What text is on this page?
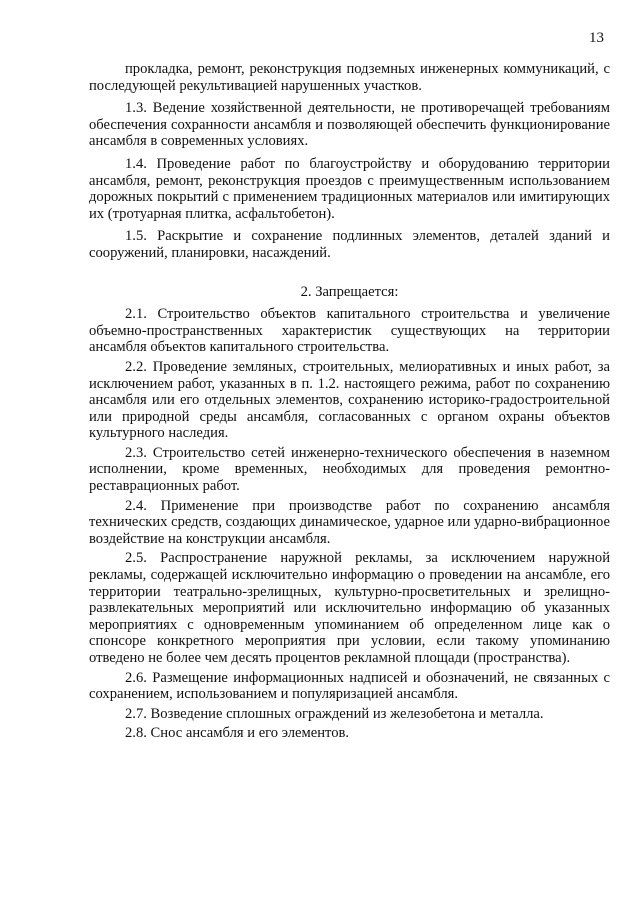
13

прокладка, ремонт, реконструкция подземных инженерных коммуникаций, с последующей рекультивацией нарушенных участков.

1.3. Ведение хозяйственной деятельности, не противоречащей требованиям обеспечения сохранности ансамбля и позволяющей обеспечить функционирование ансамбля в современных условиях.

1.4. Проведение работ по благоустройству и оборудованию территории ансамбля, ремонт, реконструкция проездов с преимущественным использованием дорожных покрытий с применением традиционных материалов или имитирующих их (тротуарная плитка, асфальтобетон).

1.5. Раскрытие и сохранение подлинных элементов, деталей зданий и сооружений, планировки, насаждений.

2. Запрещается:

2.1. Строительство объектов капитального строительства и увеличение объемно-пространственных характеристик существующих на территории ансамбля объектов капитального строительства.

2.2. Проведение земляных, строительных, мелиоративных и иных работ, за исключением работ, указанных в п. 1.2. настоящего режима, работ по сохранению ансамбля или его отдельных элементов, сохранению историко-градостроительной или природной среды ансамбля, согласованных с органом охраны объектов культурного наследия.

2.3. Строительство сетей инженерно-технического обеспечения в наземном исполнении, кроме временных, необходимых для проведения ремонтно-реставрационных работ.

2.4. Применение при производстве работ по сохранению ансамбля технических средств, создающих динамическое, ударное или ударно-вибрационное воздействие на конструкции ансамбля.

2.5. Распространение наружной рекламы, за исключением наружной рекламы, содержащей исключительно информацию о проведении на ансамбле, его территории театрально-зрелищных, культурно-просветительных и зрелищно-развлекательных мероприятий или исключительно информацию об указанных мероприятиях с одновременным упоминанием об определенном лице как о спонсоре конкретного мероприятия при условии, если такому упоминанию отведено не более чем десять процентов рекламной площади (пространства).

2.6. Размещение информационных надписей и обозначений, не связанных с сохранением, использованием и популяризацией ансамбля.

2.7. Возведение сплошных ограждений из железобетона и металла.

2.8. Снос ансамбля и его элементов.
